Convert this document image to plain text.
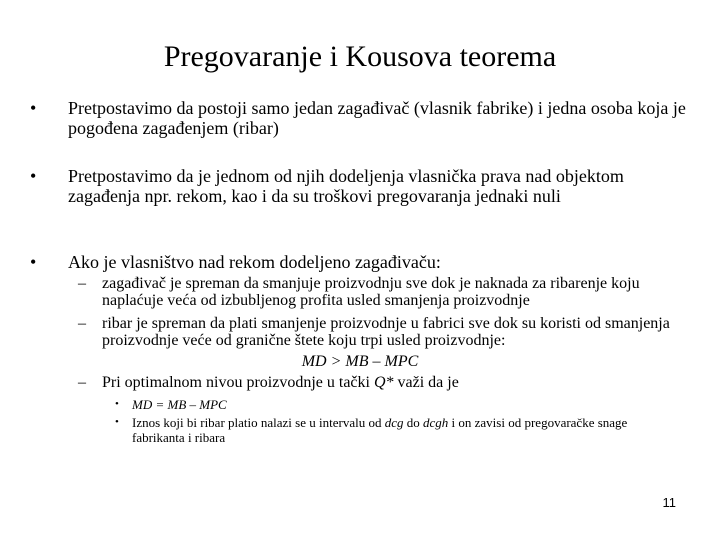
Pregovaranje i Kousova teorema
• Pretpostavimo da postoji samo jedan zagađivač (vlasnik fabrike) i jedna osoba koja je pogođena zagađenjem (ribar)
• Pretpostavimo da je jednom od njih dodeljenja vlasnička prava nad objektom zagađenja npr. rekom, kao i da su troškovi pregovaranja jednaki nuli
• Ako je vlasništvo nad rekom dodeljeno zagađivaču:
– zagađivač je spreman da smanjuje proizvodnju sve dok je naknada za ribarenje koju naplaćuje veća od izbubljenog profita usled smanjenja proizvodnje
– ribar je spreman da plati smanjenje proizvodnje u fabrici sve dok su koristi od smanjenja proizvodnje veće od granične štete koju trpi usled proizvodnje:
MD > MB – MPC
– Pri optimalnom nivou proizvodnje u tački Q* važi da je
• MD = MB – MPC
• Iznos koji bi ribar platio nalazi se u intervalu od dcg do dcgh i on zavisi od pregovaračke snage fabrikanta i ribara
11
